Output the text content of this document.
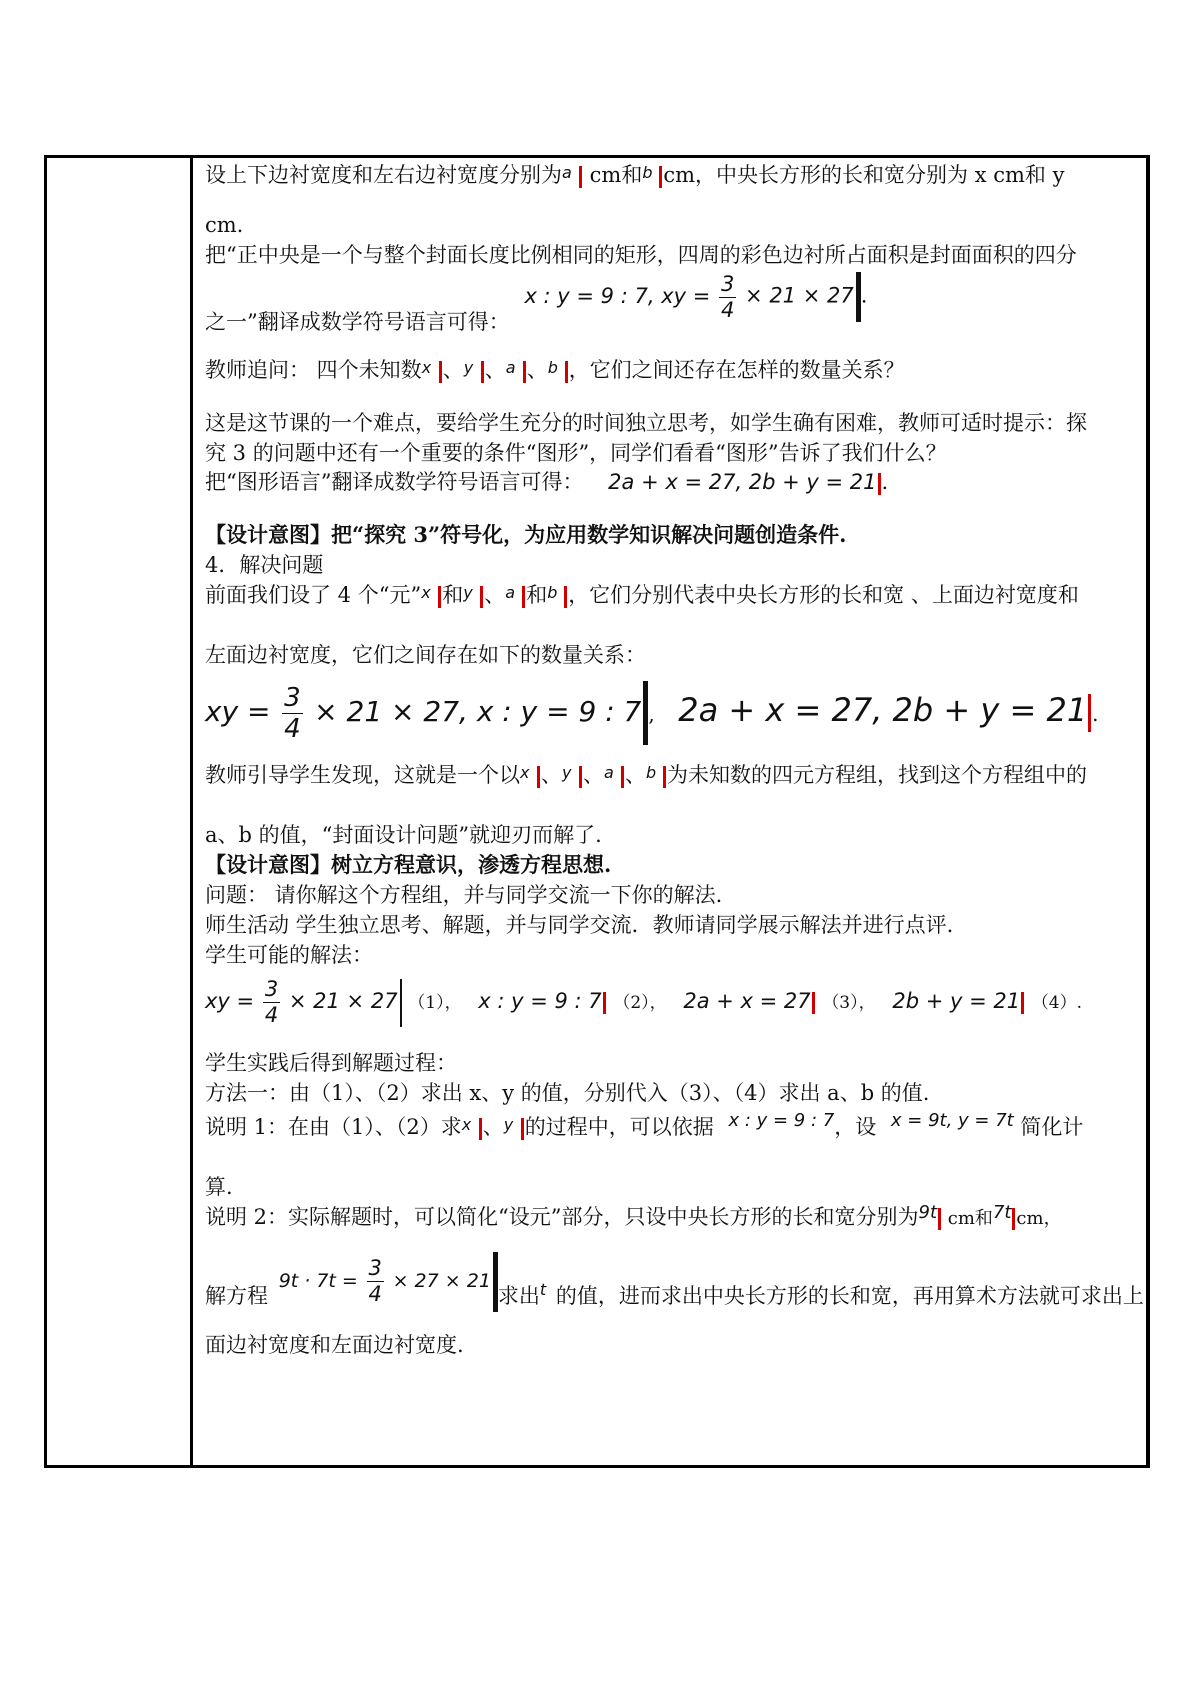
设上下边衬宽度和左右边衬宽度分别为a cm和b cm，中央长方形的长和宽分别为 x cm和 y
cm.
把“正中央是一个与整个封面长度比例相同的矩形，四周的彩色边衬所占面积是封面面积的四分
之一”翻译成数学符号语言可得： x : y = 9 : 7, xy = $\frac{3}{4} \times 21 \times 27$ .
教师追问： 四个未知数x 、y 、a 、b ，它们之间还存在怎样的数量关系？
这是这节课的一个难点，要给学生充分的时间独立思考，如学生确有困难，教师可适时提示：探
究 3 的问题中还有一个重要的条件“图形”，同学们看看“图形”告诉了我们什么？
把“图形语言”翻译成数学符号语言可得： 2a + x = 27, 2b + y = 21 .
【设计意图】把“探究 3”符号化，为应用数学知识解决问题创造条件.
4．解决问题
前面我们设了 4 个“元”x 和y 、a 和b ，它们分别代表中央长方形的长和宽 、上面边衬宽度和
左面边衬宽度，它们之间存在如下的数量关系：
xy = $\frac{3}{4} \times 21 \times 27$, x : y = 9 : 7 , 2a + x = 27, 2b + y = 21 .
教师引导学生发现，这就是一个以x 、y 、a 、b 为未知数的四元方程组，找到这个方程组中的
a、b 的值，“封面设计问题”就迎刃而解了.
【设计意图】树立方程意识，渗透方程思想.
问题： 请你解这个方程组，并与同学交流一下你的解法.
师生活动 学生独立思考、解题，并与同学交流．教师请同学展示解法并进行点评.
学生可能的解法：
xy = $\frac{3}{4} \times 21 \times 27$ （1）， x : y = 9 : 7 （2）， 2a + x = 27 （3）， 2b + y = 21 （4）.
学生实践后得到解题过程：
方法一：由（1）、（2）求出 x、y 的值，分别代入（3）、（4）求出 a、b 的值.
说明 1：在由（1）、（2）求x 、y 的过程中，可以依据 x : y = 9 : 7，设 x = 9t, y = 7t 简化计
算.
说明 2：实际解题时，可以简化“设元”部分，只设中央长方形的长和宽分别为9t cm和7t cm，
解方程 $9t \cdot 7t = \frac{3}{4} \times 27 \times 21$求出t 的值，进而求出中央长方形的长和宽，再用算术方法就可求出上
面边衬宽度和左面边衬宽度.
